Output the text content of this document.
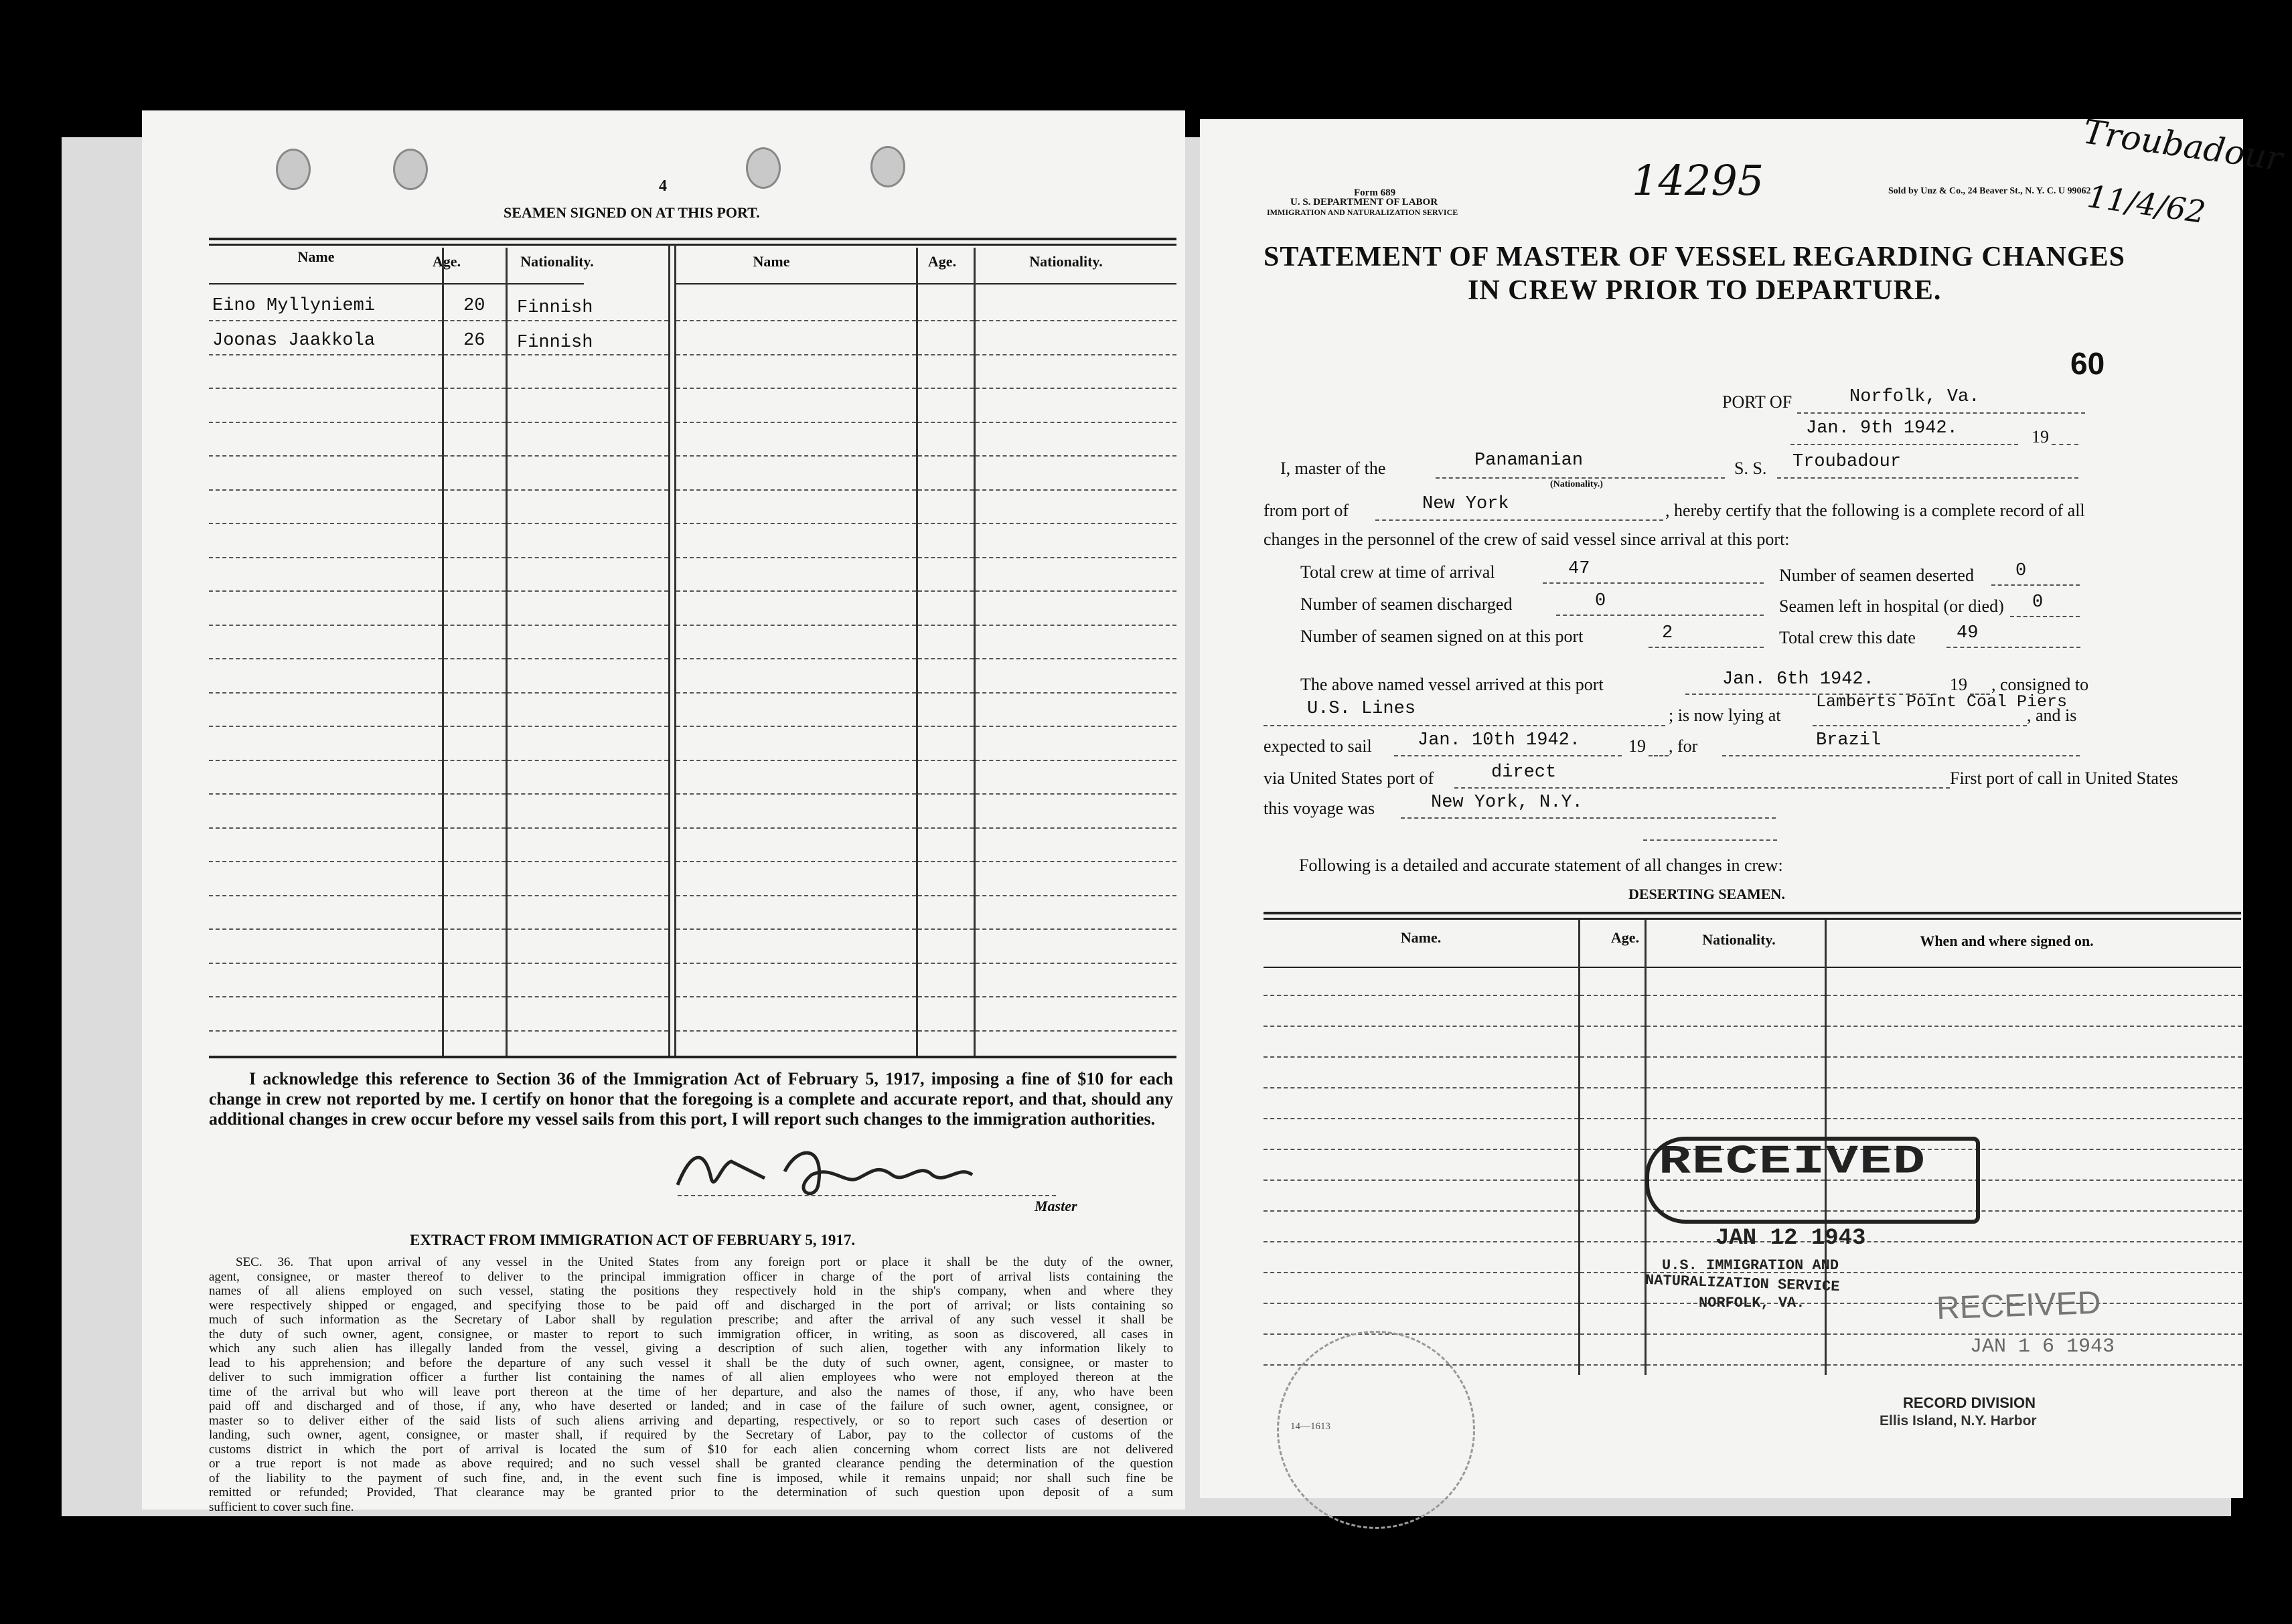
4
SEAMEN SIGNED ON AT THIS PORT.
Name	Age.	Nationality.	Name	Age.	Nationality.
Eino Myllyniemi	20 Finnish
Joonas Jaakkola	26 Finnish
I acknowledge this reference to Section 36 of the Immigration Act of February 5, 1917, imposing a fine of $10 for each change in crew not reported by me. I certify on honor that the foregoing is a complete and accurate report, and that, should any additional changes in crew occur before my vessel sails from this port, I will report such changes to the immigration authorities.
Master
EXTRACT FROM IMMIGRATION ACT OF FEBRUARY 5, 1917.
SEC. 36. That upon arrival of any vessel in the United States from any foreign port or place it shall be the duty of the owner,
agent, consignee, or master thereof to deliver to the principal immigration officer in charge of the port of arrival lists containing the
names of all aliens employed on such vessel, stating the positions they respectively hold in the ship's company, when and where they
were respectively shipped or engaged, and specifying those to be paid off and discharged in the port of arrival; or lists containing so
much of such information as the Secretary of Labor shall by regulation prescribe; and after the arrival of any such vessel it shall be
the duty of such owner, agent, consignee, or master to report to such immigration officer, in writing, as soon as discovered, all cases in
which any such alien has illegally landed from the vessel, giving a description of such alien, together with any information likely to
lead to his apprehension; and before the departure of any such vessel it shall be the duty of such owner, agent, consignee, or master to
deliver to such immigration officer a further list containing the names of all alien employees who were not employed thereon at the
time of the arrival but who will leave port thereon at the time of her departure, and also the names of those, if any, who have been
paid off and discharged and of those, if any, who have deserted or landed; and in case of the failure of such owner, agent, consignee, or
master so to deliver either of the said lists of such aliens arriving and departing, respectively, or so to report such cases of desertion or
landing, such owner, agent, consignee, or master shall, if required by the Secretary of Labor, pay to the collector of customs of the
customs district in which the port of arrival is located the sum of $10 for each alien concerning whom correct lists are not delivered
or a true report is not made as above required; and no such vessel shall be granted clearance pending the determination of the question
of the liability to the payment of such fine, and, in the event such fine is imposed, while it remains unpaid; nor shall such fine be
remitted or refunded; Provided, That clearance may be granted prior to the determination of such question upon deposit of a sum
sufficient to cover such fine.
Form 689
U. S. DEPARTMENT OF LABOR
IMMIGRATION AND NATURALIZATION SERVICE
14295	Sold by Unz & Co., 24 Beaver St., N. Y. C. U 99062
Troubadour
11/4/62
STATEMENT OF MASTER OF VESSEL REGARDING CHANGES
IN CREW PRIOR TO DEPARTURE.
60
PORT OF	Norfolk, Va.
Jan. 9th 1942.	19
I, master of the	Panamanian
(Nationality.)
S. S. Troubadour
from port of	New York	, hereby certify that the following is a complete record of all
changes in the personnel of the crew of said vessel since arrival at this port:
Total crew at time of arrival	47	Number of seamen deserted 0
Number of seamen discharged	0	Seamen left in hospital (or died) 0
Number of seamen signed on at this port	2	Total crew this date 49
The above named vessel arrived at this port	Jan. 6th 1942.	19 , consigned to
U.S. Lines	; is now lying at
Lamberts Point Coal Piers
, and is
expected to sail	Jan. 10th 1942.	19 , for	Brazil
via United States port of	direct	First port of call in United States
this voyage was	New York, N.Y.
Following is a detailed and accurate statement of all changes in crew:
DESERTING SEAMEN.
Name.	Age.	Nationality.	When and where signed on.
RECEIVED
JAN 12 1943
U.S. IMMIGRATION AND
NATURALIZATION SERVICE
NORFOLK, VA.	RECEIVED
JAN 1 6 1943
RECORD DIVISION
Ellis Island, N.Y. Harbor
14—1613
